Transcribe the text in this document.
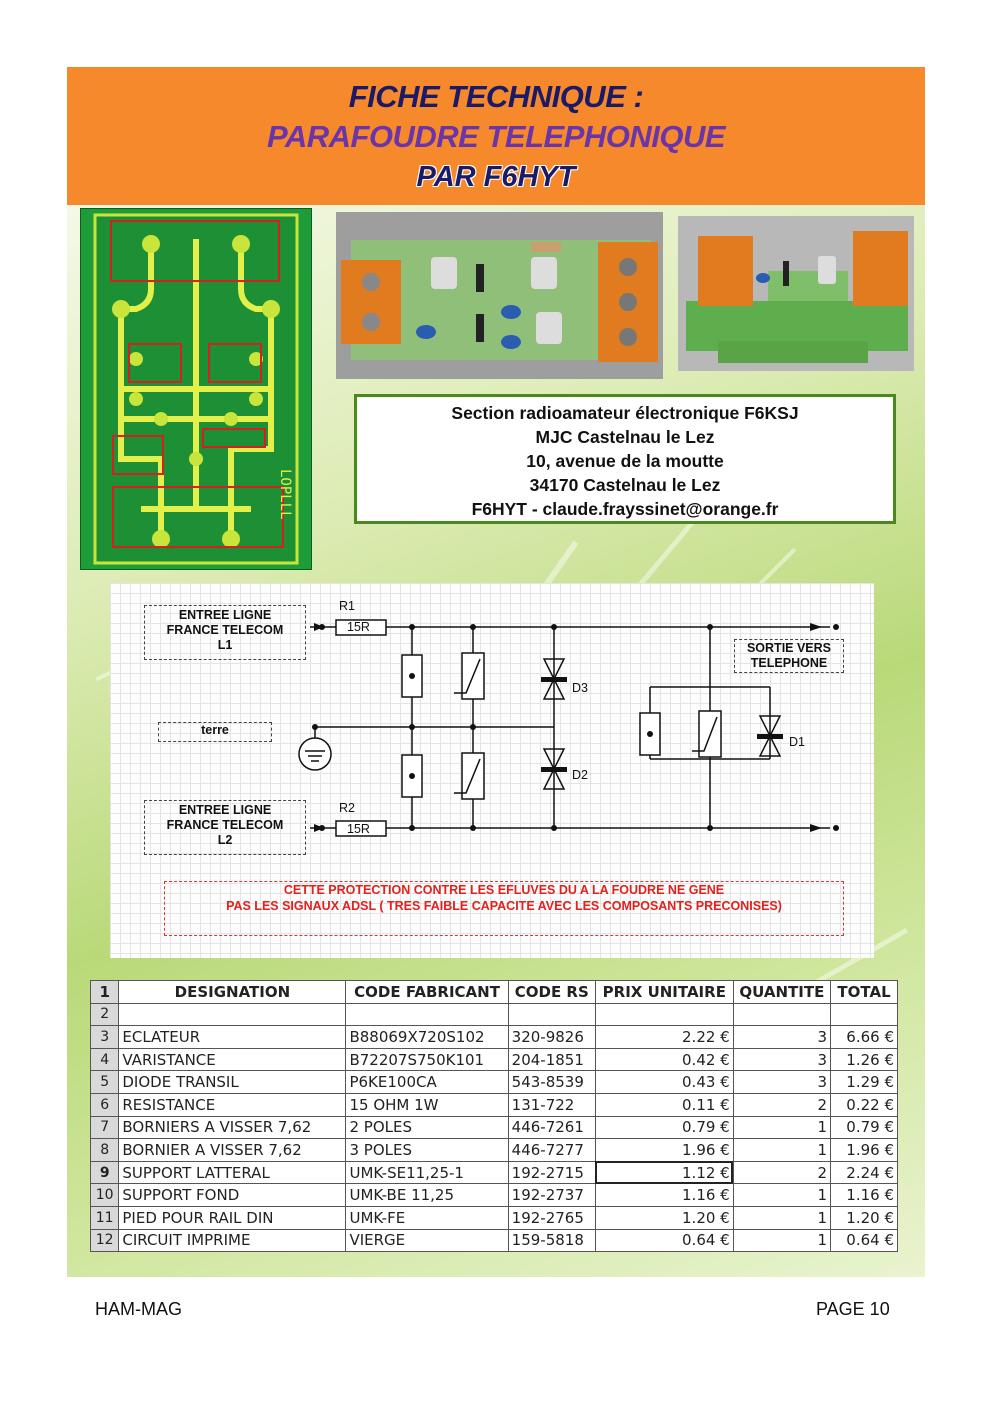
FICHE TECHNIQUE :
PARAFOUDRE TELEPHONIQUE
PAR F6HYT
LOPLLL
Section radioamateur électronique F6KSJ
MJC Castelnau le Lez
10, avenue de la moutte
34170 Castelnau le Lez
F6HYT - claude.frayssinet@orange.fr
ENTREE LIGNE
FRANCE TELECOM
L1
terre
ENTREE LIGNE
FRANCE TELECOM
L2
SORTIE VERS
TELEPHONE
R1
15R
R2
15R
D3
D2
D1
CETTE PROTECTION CONTRE LES EFLUVES DU A LA FOUDRE NE GENE
PAS LES SIGNAUX ADSL ( TRES FAIBLE CAPACITE AVEC LES COMPOSANTS PRECONISES)
1	DESIGNATION	CODE FABRICANT	CODE RS	PRIX UNITAIRE	QUANTITE	TOTAL
2						
3	ECLATEUR	B88069X720S102	320-9826	2.22 €	3	6.66 €
4	VARISTANCE	B72207S750K101	204-1851	0.42 €	3	1.26 €
5	DIODE TRANSIL	P6KE100CA	543-8539	0.43 €	3	1.29 €
6	RESISTANCE	15 OHM 1W	131-722	0.11 €	2	0.22 €
7	BORNIERS A VISSER 7,62	2 POLES	446-7261	0.79 €	1	0.79 €
8	BORNIER A VISSER 7,62	3 POLES	446-7277	1.96 €	1	1.96 €
9	SUPPORT LATTERAL	UMK-SE11,25-1	192-2715	1.12 €	2	2.24 €
10	SUPPORT FOND	UMK-BE 11,25	192-2737	1.16 €	1	1.16 €
11	PIED POUR RAIL DIN	UMK-FE	192-2765	1.20 €	1	1.20 €
12	CIRCUIT IMPRIME	VIERGE	159-5818	0.64 €	1	0.64 €
HAM-MAG	PAGE 10
